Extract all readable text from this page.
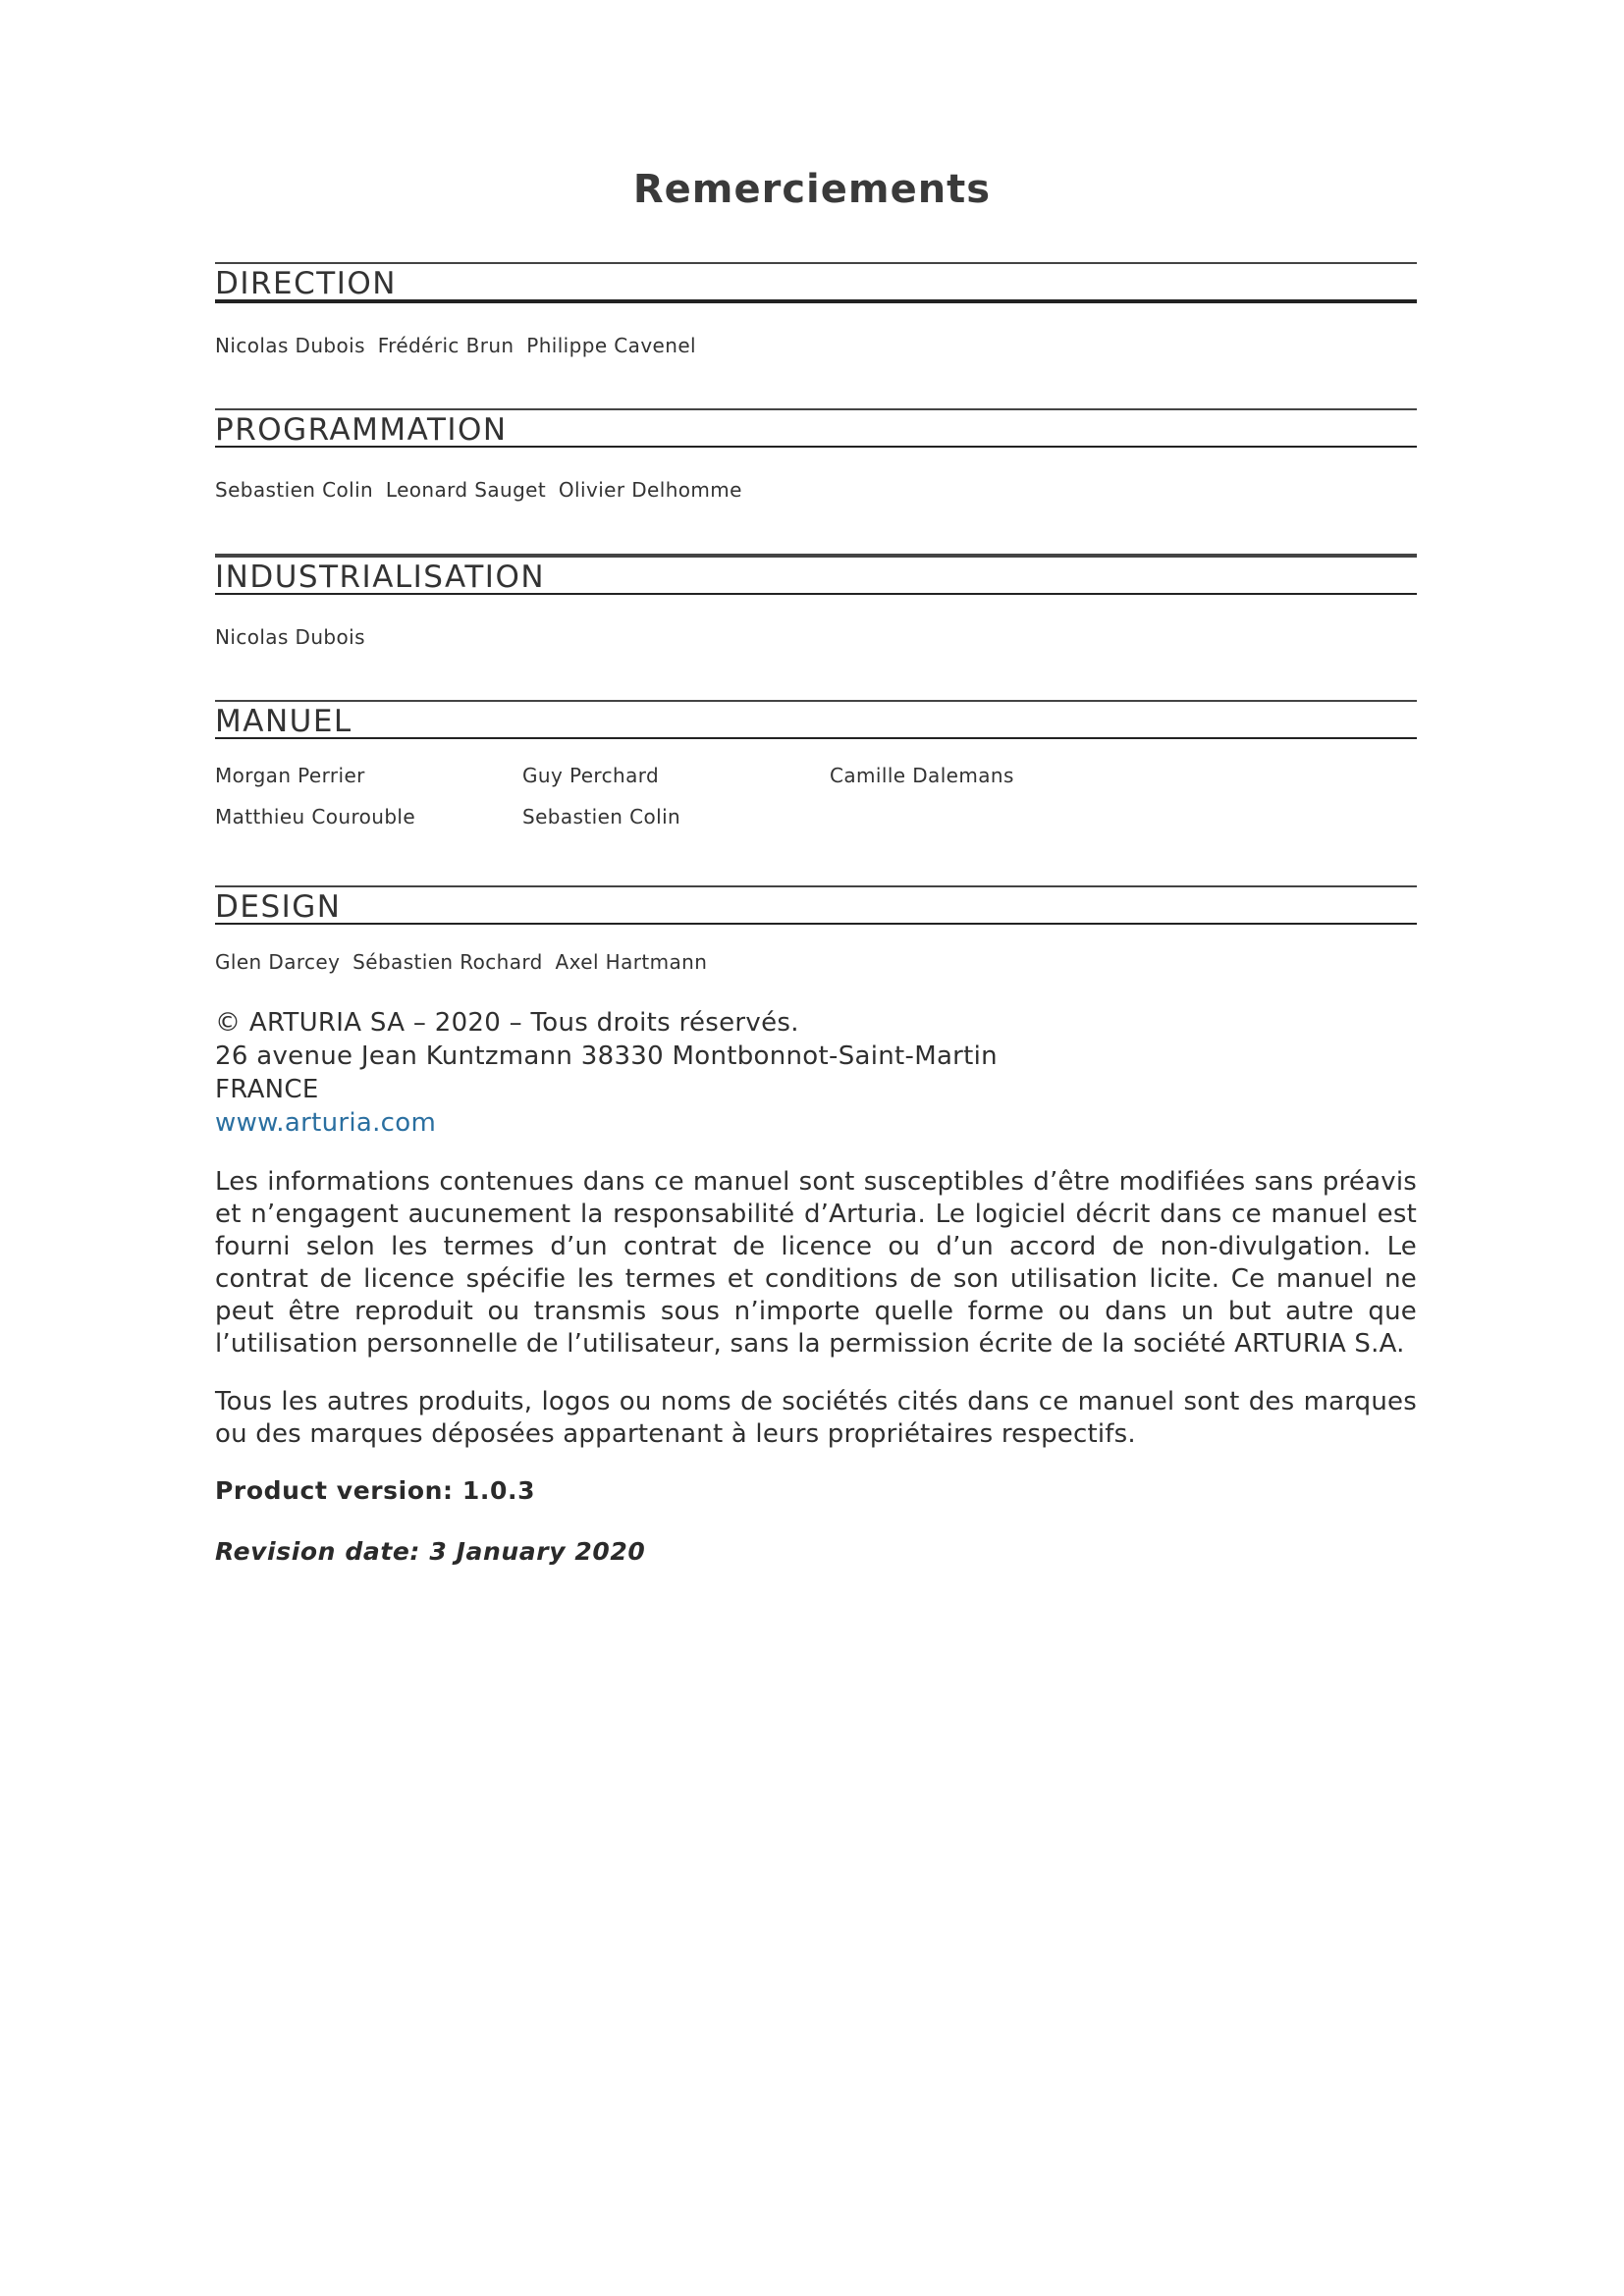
Remerciements
DIRECTION
Nicolas Dubois Frédéric Brun Philippe Cavenel
PROGRAMMATION
Sebastien Colin Leonard Sauget Olivier Delhomme
INDUSTRIALISATION
Nicolas Dubois
MANUEL
Morgan Perrier	Guy Perchard	Camille Dalemans
Matthieu Courouble	Sebastien Colin
DESIGN
Glen Darcey Sébastien Rochard Axel Hartmann
© ARTURIA SA – 2020 – Tous droits réservés.
26 avenue Jean Kuntzmann 38330 Montbonnot-Saint-Martin
FRANCE
www.arturia.com

Les informations contenues dans ce manuel sont susceptibles d’être modifiées sans préavis et n’engagent aucunement la responsabilité d’Arturia. Le logiciel décrit dans ce manuel est fourni selon les termes d’un contrat de licence ou d’un accord de non-divulgation. Le contrat de licence spécifie les termes et conditions de son utilisation licite. Ce manuel ne peut être reproduit ou transmis sous n’importe quelle forme ou dans un but autre que l’utilisation personnelle de l’utilisateur, sans la permission écrite de la société ARTURIA S.A.

Tous les autres produits, logos ou noms de sociétés cités dans ce manuel sont des marques ou des marques déposées appartenant à leurs propriétaires respectifs.

Product version: 1.0.3
Revision date: 3 January 2020
